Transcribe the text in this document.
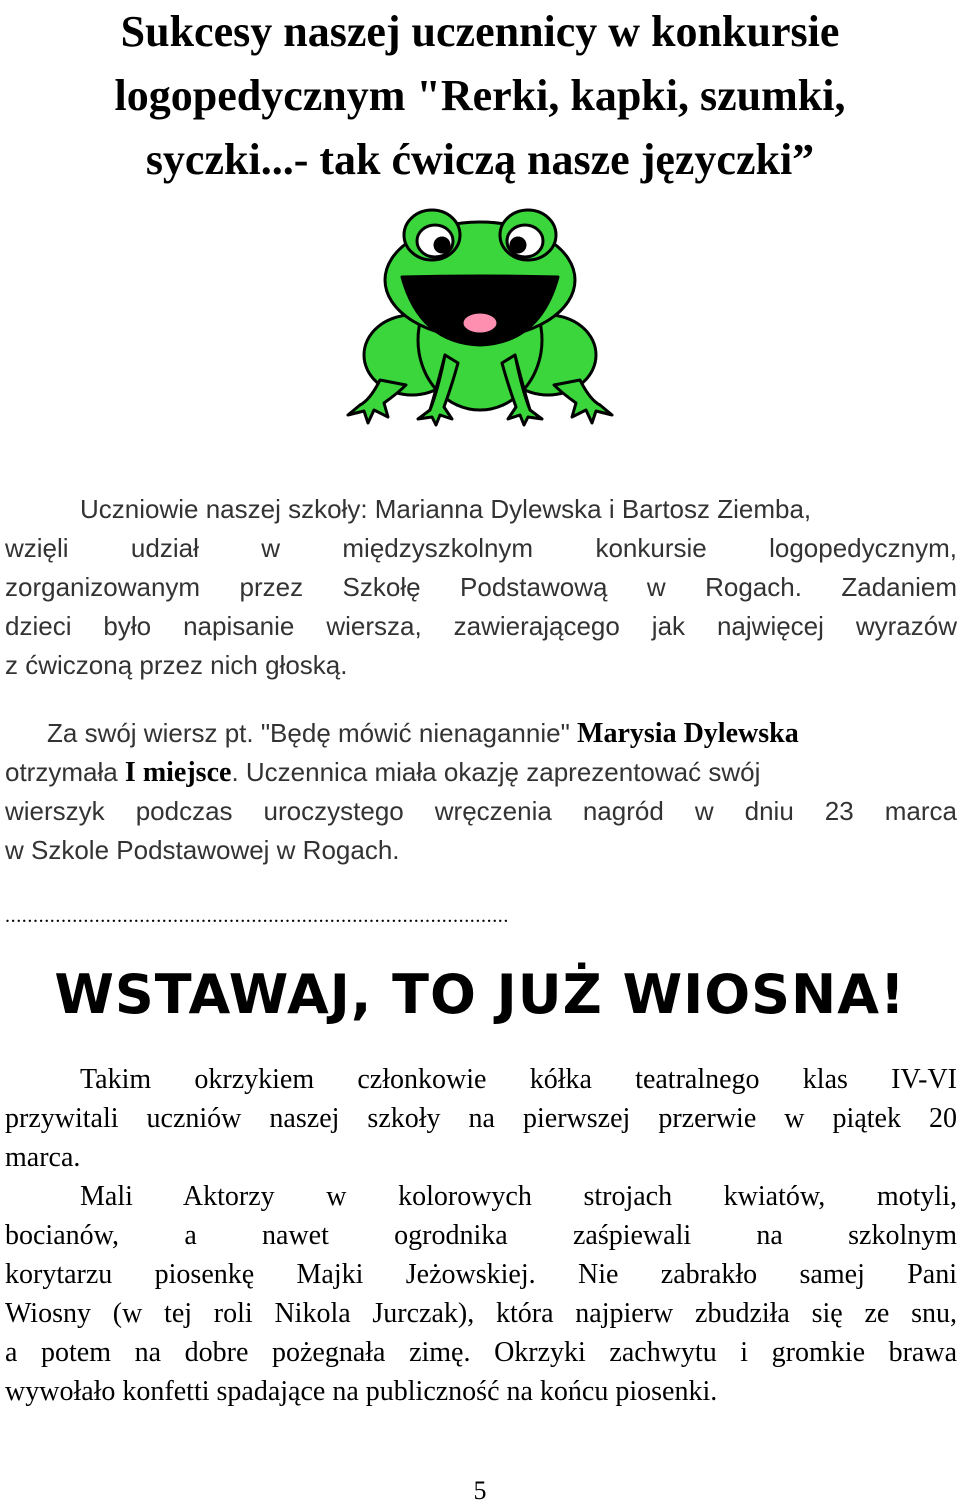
Sukcesy naszej uczennicy w konkursie
logopedycznym "Rerki, kapki, szumki,
syczki...- tak ćwiczą nasze języczki”
Uczniowie naszej szkoły: Marianna Dylewska i Bartosz Ziemba,
wzięli udział w międzyszkolnym konkursie logopedycznym,
zorganizowanym przez Szkołę Podstawową w Rogach. Zadaniem
dzieci było napisanie wiersza, zawierającego jak najwięcej wyrazów
z ćwiczoną przez nich głoską.
Za swój wiersz pt. "Będę mówić nienagannie" Marysia Dylewska
otrzymała I miejsce. Uczennica miała okazję zaprezentować swój
wierszyk podczas uroczystego wręczenia nagród w dniu 23 marca
w Szkole Podstawowej w Rogach.
..........................................................................................
WSTAWAJ, TO JUŻ WIOSNA!
Takim okrzykiem członkowie kółka teatralnego klas IV-VI
przywitali uczniów naszej szkoły na pierwszej przerwie w piątek 20
marca.
Mali Aktorzy w kolorowych strojach kwiatów, motyli,
bocianów, a nawet ogrodnika zaśpiewali na szkolnym
korytarzu piosenkę Majki Jeżowskiej. Nie zabrakło samej Pani
Wiosny (w tej roli Nikola Jurczak), która najpierw zbudziła się ze snu,
a potem na dobre pożegnała zimę. Okrzyki zachwytu i gromkie brawa
wywołało konfetti spadające na publiczność na końcu piosenki.
5
